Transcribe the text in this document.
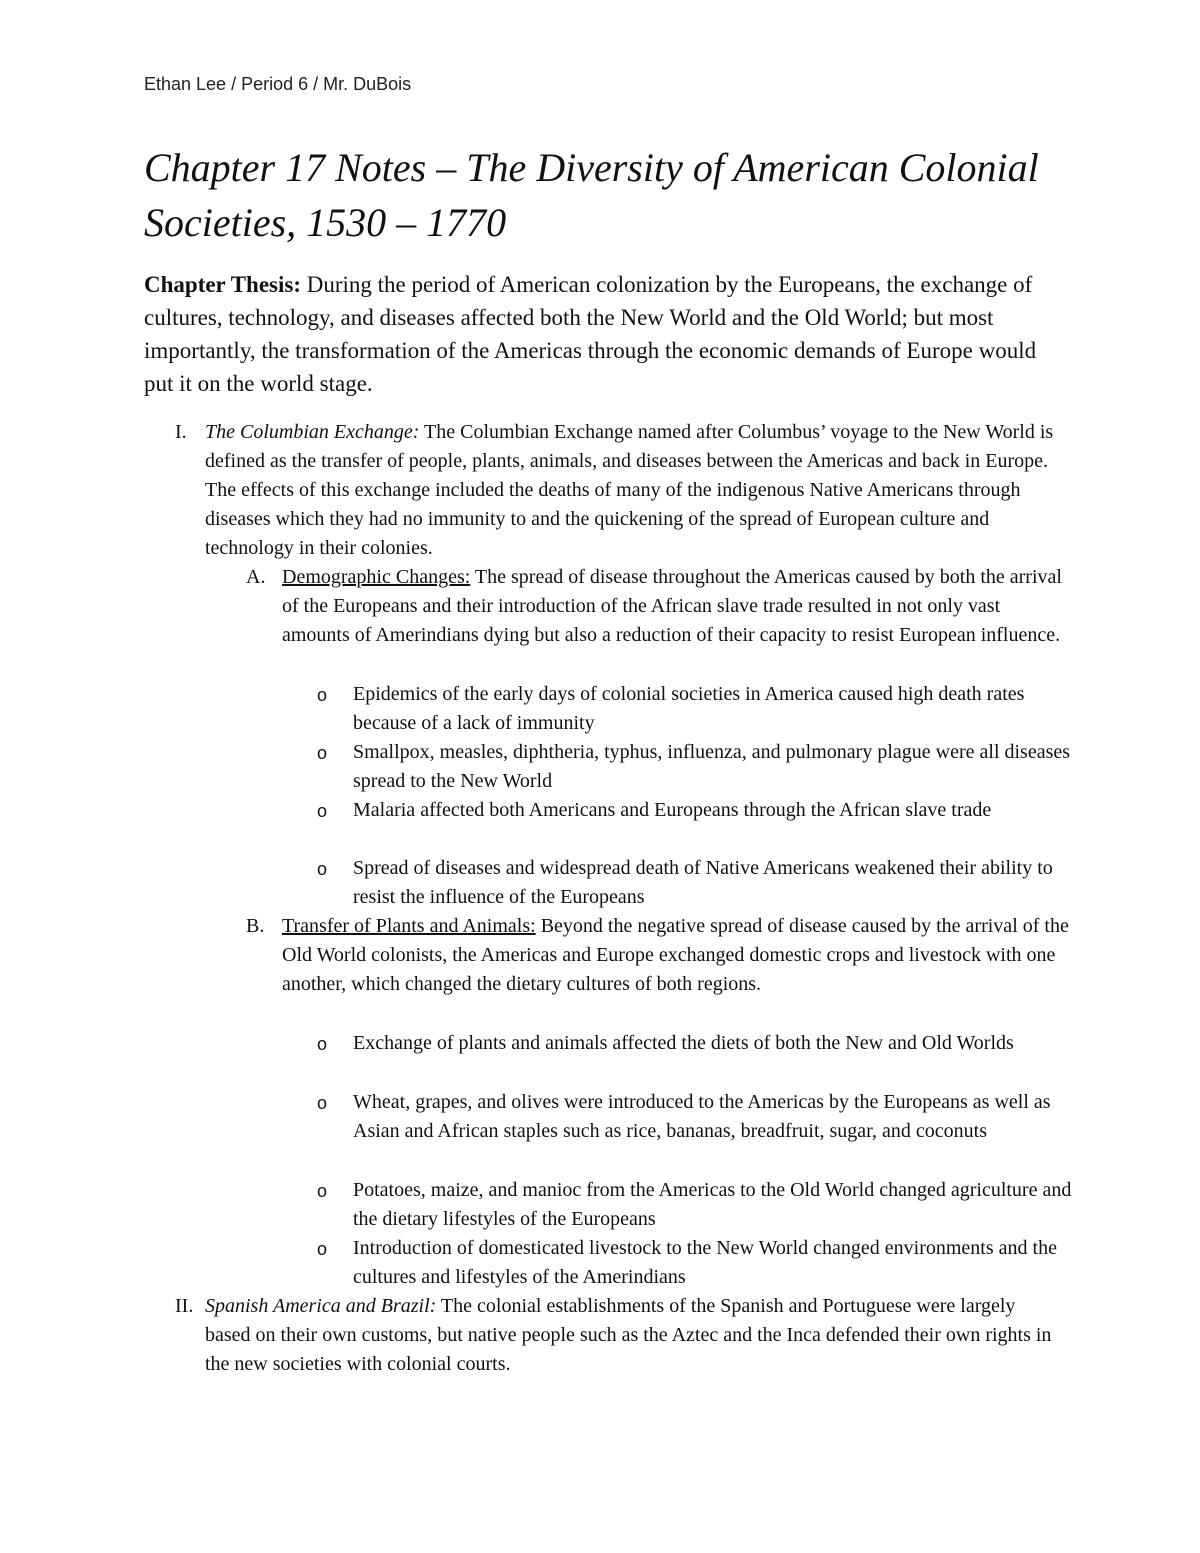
Ethan Lee / Period 6 / Mr. DuBois
Chapter 17 Notes – The Diversity of American Colonial Societies, 1530 – 1770

Chapter Thesis: During the period of American colonization by the Europeans, the exchange of cultures, technology, and diseases affected both the New World and the Old World; but most importantly, the transformation of the Americas through the economic demands of Europe would put it on the world stage.

I. The Columbian Exchange: The Columbian Exchange named after Columbus’ voyage to the New World is defined as the transfer of people, plants, animals, and diseases between the Americas and back in Europe. The effects of this exchange included the deaths of many of the indigenous Native Americans through diseases which they had no immunity to and the quickening of the spread of European culture and technology in their colonies.

A. Demographic Changes: The spread of disease throughout the Americas caused by both the arrival of the Europeans and their introduction of the African slave trade resulted in not only vast amounts of Amerindians dying but also a reduction of their capacity to resist European influence.

o Epidemics of the early days of colonial societies in America caused high death rates because of a lack of immunity

o Smallpox, measles, diphtheria, typhus, influenza, and pulmonary plague were all diseases spread to the New World

o Malaria affected both Americans and Europeans through the African slave trade

o Spread of diseases and widespread death of Native Americans weakened their ability to resist the influence of the Europeans

B. Transfer of Plants and Animals: Beyond the negative spread of disease caused by the arrival of the Old World colonists, the Americas and Europe exchanged domestic crops and livestock with one another, which changed the dietary cultures of both regions.

o Exchange of plants and animals affected the diets of both the New and Old Worlds

o Wheat, grapes, and olives were introduced to the Americas by the Europeans as well as Asian and African staples such as rice, bananas, breadfruit, sugar, and coconuts

o Potatoes, maize, and manioc from the Americas to the Old World changed agriculture and the dietary lifestyles of the Europeans

o Introduction of domesticated livestock to the New World changed environments and the cultures and lifestyles of the Amerindians

II. Spanish America and Brazil: The colonial establishments of the Spanish and Portuguese were largely based on their own customs, but native people such as the Aztec and the Inca defended their own rights in the new societies with colonial courts.
